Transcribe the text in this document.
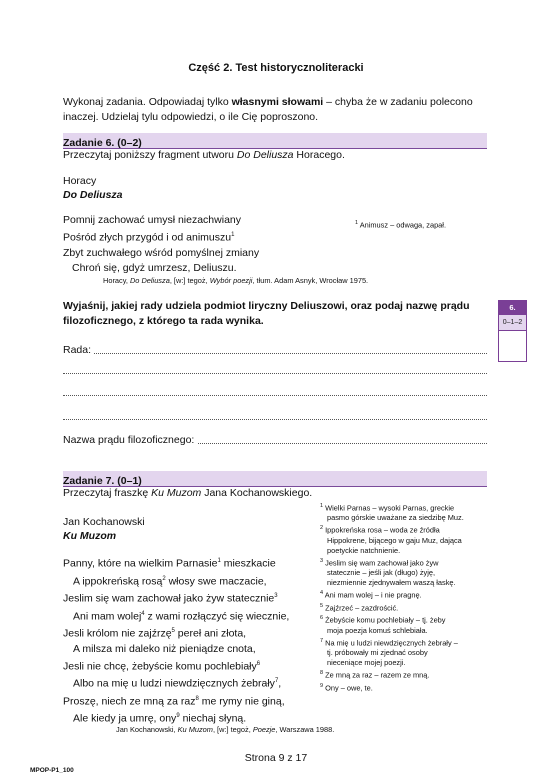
Część 2. Test historycznoliteracki
Wykonaj zadania. Odpowiadaj tylko własnymi słowami – chyba że w zadaniu polecono
inaczej. Udzielaj tylu odpowiedzi, o ile Cię poproszono.
Zadanie 6. (0–2)
Przeczytaj poniższy fragment utworu Do Deliusza Horacego.
Horacy
Do Deliusza
Pomnij zachować umysł niezachwiany
Pośród złych przygód i od animuszu$^1$
Zbyt zuchwałego wśród pomyślnej zmiany
Chroń się, gdyż umrzesz, Deliuszu.
$^1$ Animusz – odwaga, zapał.
Horacy, Do Deliusza, [w:] tegoż, Wybór poezji, tłum. Adam Asnyk, Wrocław 1975.
Wyjaśnij, jakiej rady udziela podmiot liryczny Deliuszowi, oraz podaj nazwę prądu
filozoficznego, z którego ta rada wynika.
6.
0–1–2
Rada:
Nazwa prądu filozoficznego:
Zadanie 7. (0–1)
Przeczytaj fraszkę Ku Muzom Jana Kochanowskiego.
Jan Kochanowski
Ku Muzom
Panny, które na wielkim Parnasie$^1$ mieszkacie
A ippokreńską rosą$^2$ włosy swe maczacie,
Jeslim się wam zachował jako żyw statecznie$^3$
Ani mam wolej$^4$ z wami rozłączyć się wiecznie,
Jesli królom nie zajźrzę$^5$ pereł ani złota,
A milsza mi daleko niż pieniądze cnota,
Jesli nie chcę, żebyście komu pochlebiały$^6$
Albo na mię u ludzi niewdzięcznych żebrały$^7$,
Proszę, niech ze mną za raz$^8$ me rymy nie giną,
Ale kiedy ja umrę, ony$^9$ niechaj słyną.

$^1$ Wielki Parnas – wysoki Parnas, greckie

pasmo górskie uważane za siedzibę Muz.

$^2$ Ippokreńska rosa – woda ze źródła

Hippokrene, bijącego w gaju Muz, dająca

poetyckie natchnienie.

$^3$ Jeslim się wam zachował jako żyw

statecznie – jeśli jak (długo) żyję,

niezmiennie zjednywałem waszą łaskę.

$^4$ Ani mam wolej – i nie pragnę.

$^5$ Zajźrzeć – zazdrościć.

$^6$ Żebyście komu pochlebiały – tj. żeby

moja poezja komuś schlebiała.

$^7$ Na mię u ludzi niewdzięcznych żebrały –

tj. próbowały mi zjednać osoby

nieceniące mojej poezji.

$^8$ Ze mną za raz – razem ze mną.

$^9$ Ony – owe, te.

Jan Kochanowski, Ku Muzom, [w:] tegoż, Poezje, Warszawa 1988.
Strona 9 z 17
MPOP-P1_100
